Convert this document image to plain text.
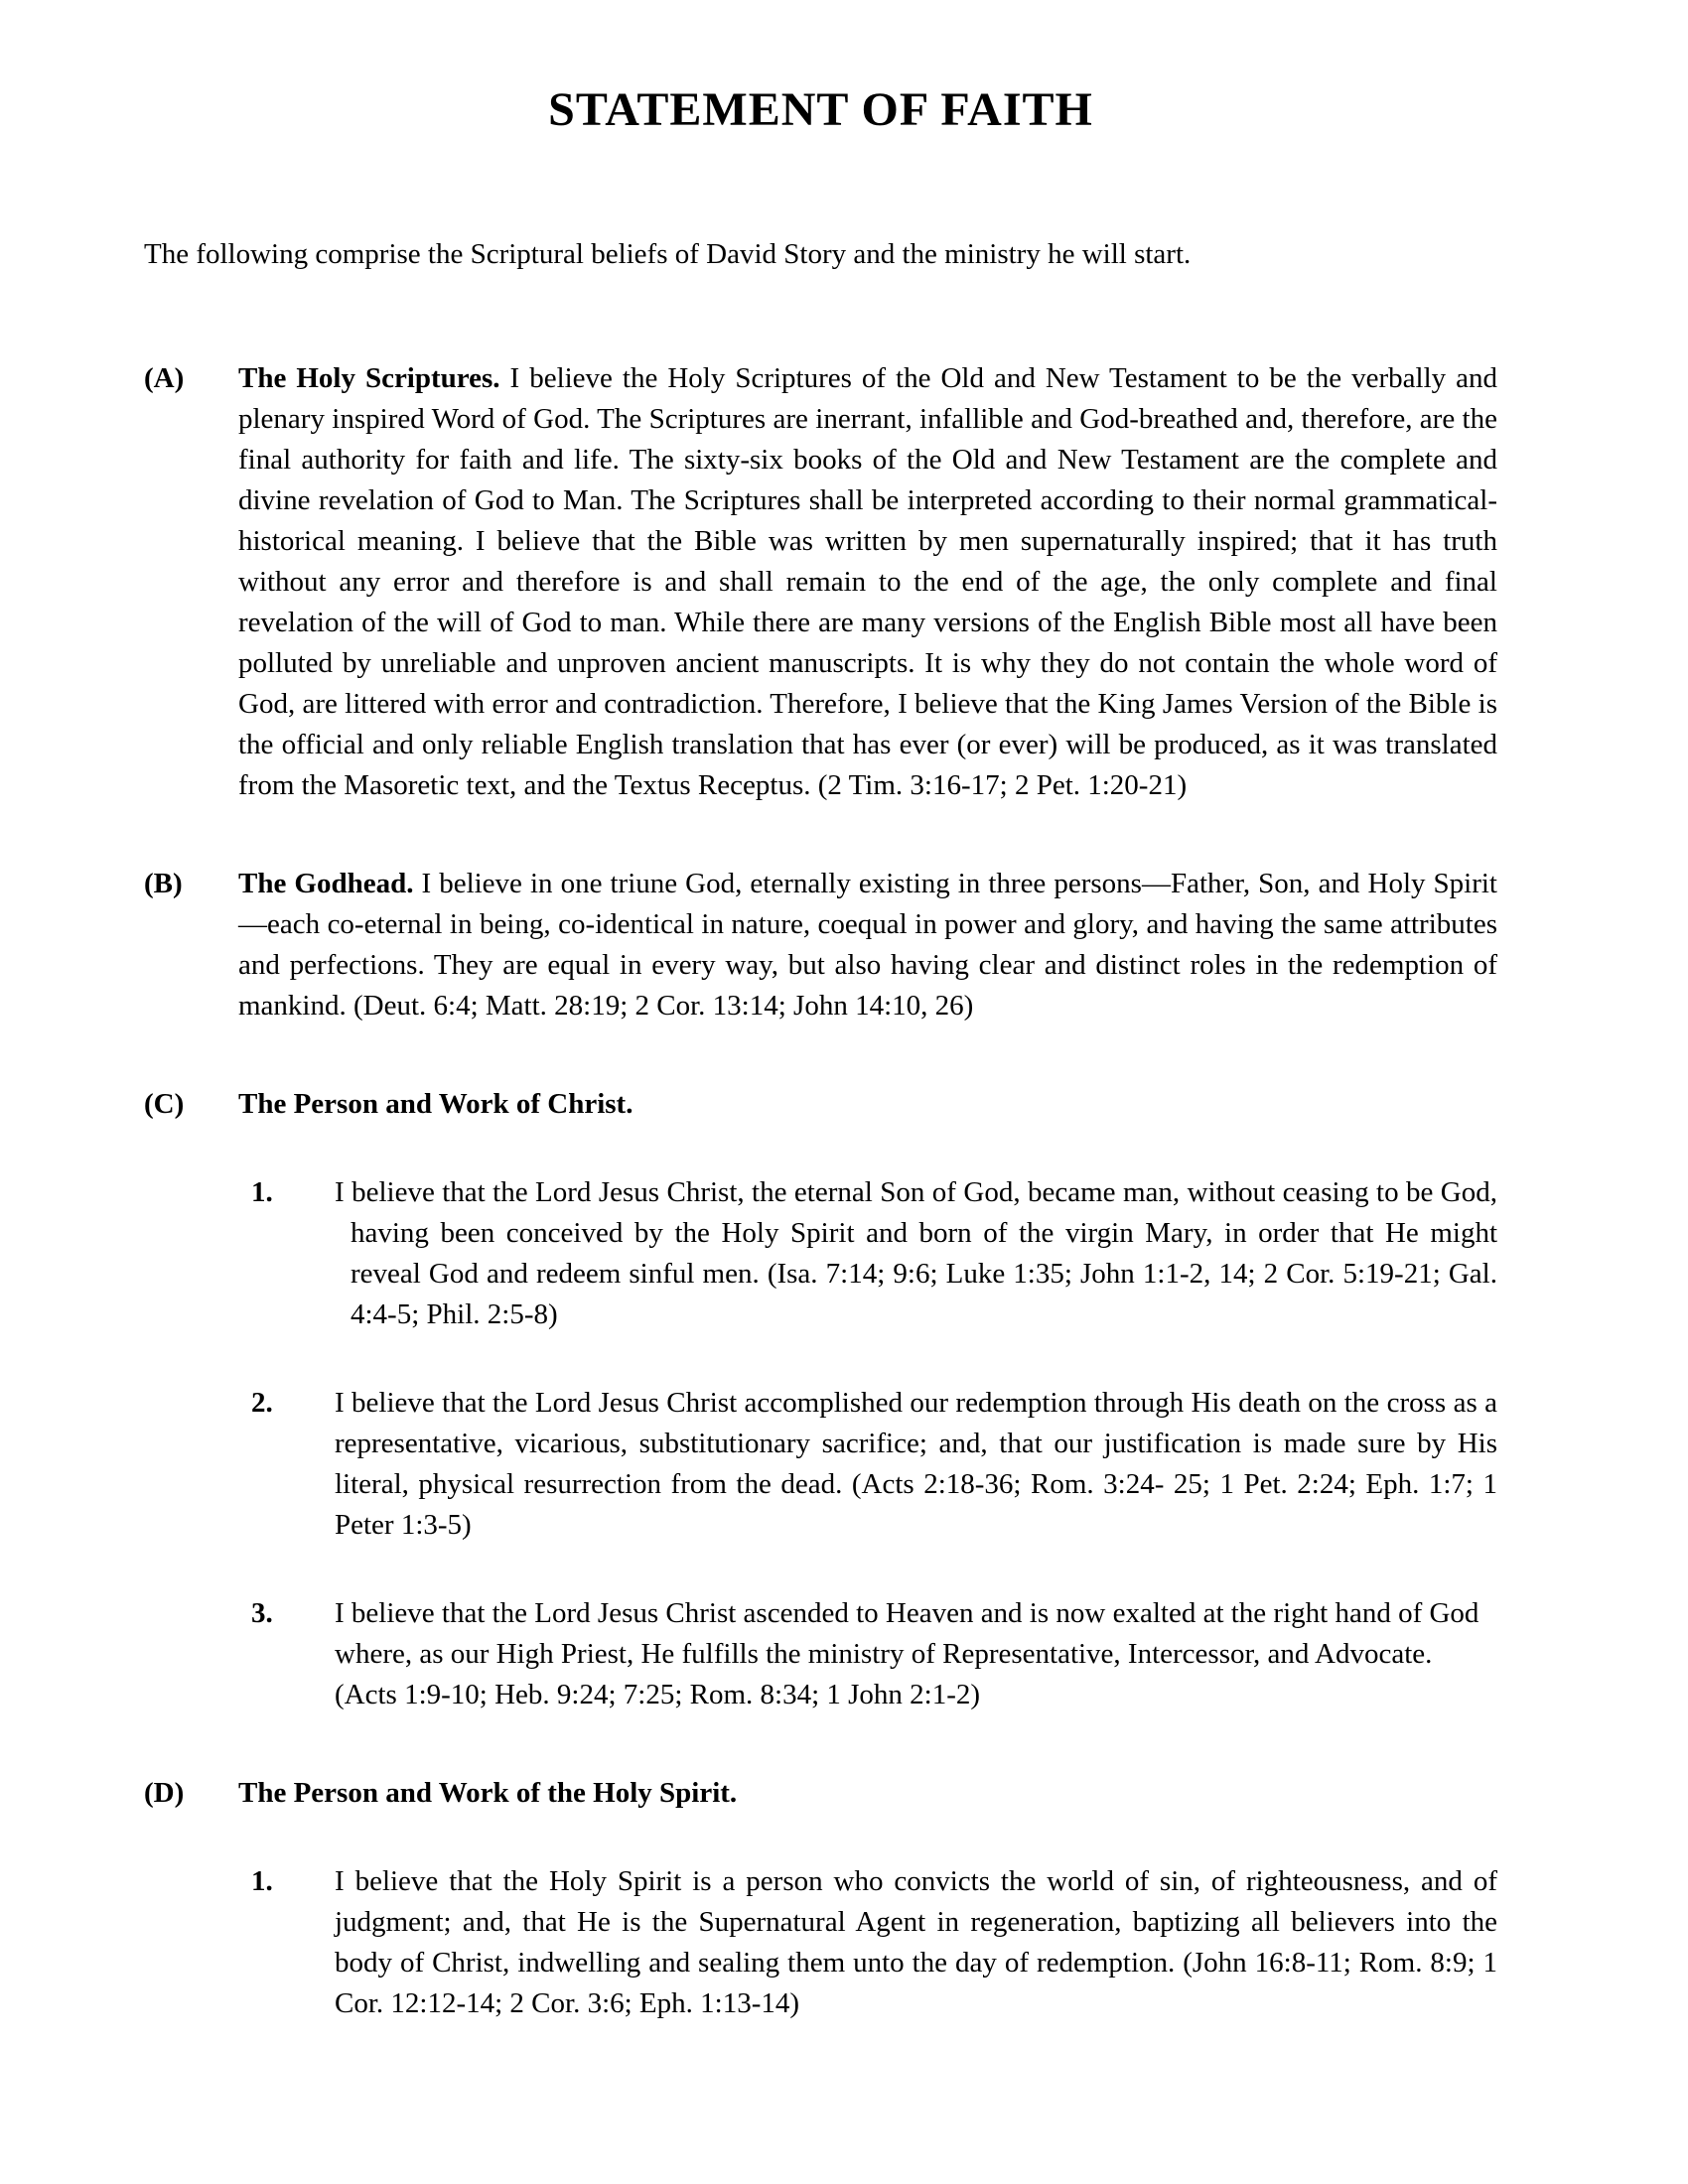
STATEMENT OF FAITH

The following comprise the Scriptural beliefs of David Story and the ministry he will start.

(A)	The Holy Scriptures. I believe the Holy Scriptures of the Old and New Testament to be the verbally and plenary inspired Word of God. The Scriptures are inerrant, infallible and God-breathed and, therefore, are the final authority for faith and life. The sixty-six books of the Old and New Testament are the complete and divine revelation of God to Man. The Scriptures shall be interpreted according to their normal grammatical-historical meaning. I believe that the Bible was written by men supernaturally inspired; that it has truth without any error and therefore is and shall remain to the end of the age, the only complete and final revelation of the will of God to man. While there are many versions of the English Bible most all have been polluted by unreliable and unproven ancient manuscripts. It is why they do not contain the whole word of God, are littered with error and contradiction. Therefore, I believe that the King James Version of the Bible is the official and only reliable English translation that has ever (or ever) will be produced, as it was translated from the Masoretic text, and the Textus Receptus. (2 Tim. 3:16-17; 2 Pet. 1:20-21)

(B)	The Godhead. I believe in one triune God, eternally existing in three persons—Father, Son, and Holy Spirit—each co-eternal in being, co-identical in nature, coequal in power and glory, and having the same attributes and perfections. They are equal in every way, but also having clear and distinct roles in the redemption of mankind. (Deut. 6:4; Matt. 28:19; 2 Cor. 13:14; John 14:10, 26)

(C)	The Person and Work of Christ.

1.	I believe that the Lord Jesus Christ, the eternal Son of God, became man, without ceasing to be God, having been conceived by the Holy Spirit and born of the virgin Mary, in order that He might reveal God and redeem sinful men. (Isa. 7:14; 9:6; Luke 1:35; John 1:1-2, 14; 2 Cor. 5:19-21; Gal. 4:4-5; Phil. 2:5-8)

2.	I believe that the Lord Jesus Christ accomplished our redemption through His death on the cross as a representative, vicarious, substitutionary sacrifice; and, that our justification is made sure by His literal, physical resurrection from the dead. (Acts 2:18-36; Rom. 3:24- 25; 1 Pet. 2:24; Eph. 1:7; 1 Peter 1:3-5)

3.	I believe that the Lord Jesus Christ ascended to Heaven and is now exalted at the right hand of God where, as our High Priest, He fulfills the ministry of Representative, Intercessor, and Advocate. (Acts 1:9-10; Heb. 9:24; 7:25; Rom. 8:34; 1 John 2:1-2)

(D)	The Person and Work of the Holy Spirit.

1.	I believe that the Holy Spirit is a person who convicts the world of sin, of righteousness, and of judgment; and, that He is the Supernatural Agent in regeneration, baptizing all believers into the body of Christ, indwelling and sealing them unto the day of redemption. (John 16:8-11; Rom. 8:9; 1 Cor. 12:12-14; 2 Cor. 3:6; Eph. 1:13-14)
